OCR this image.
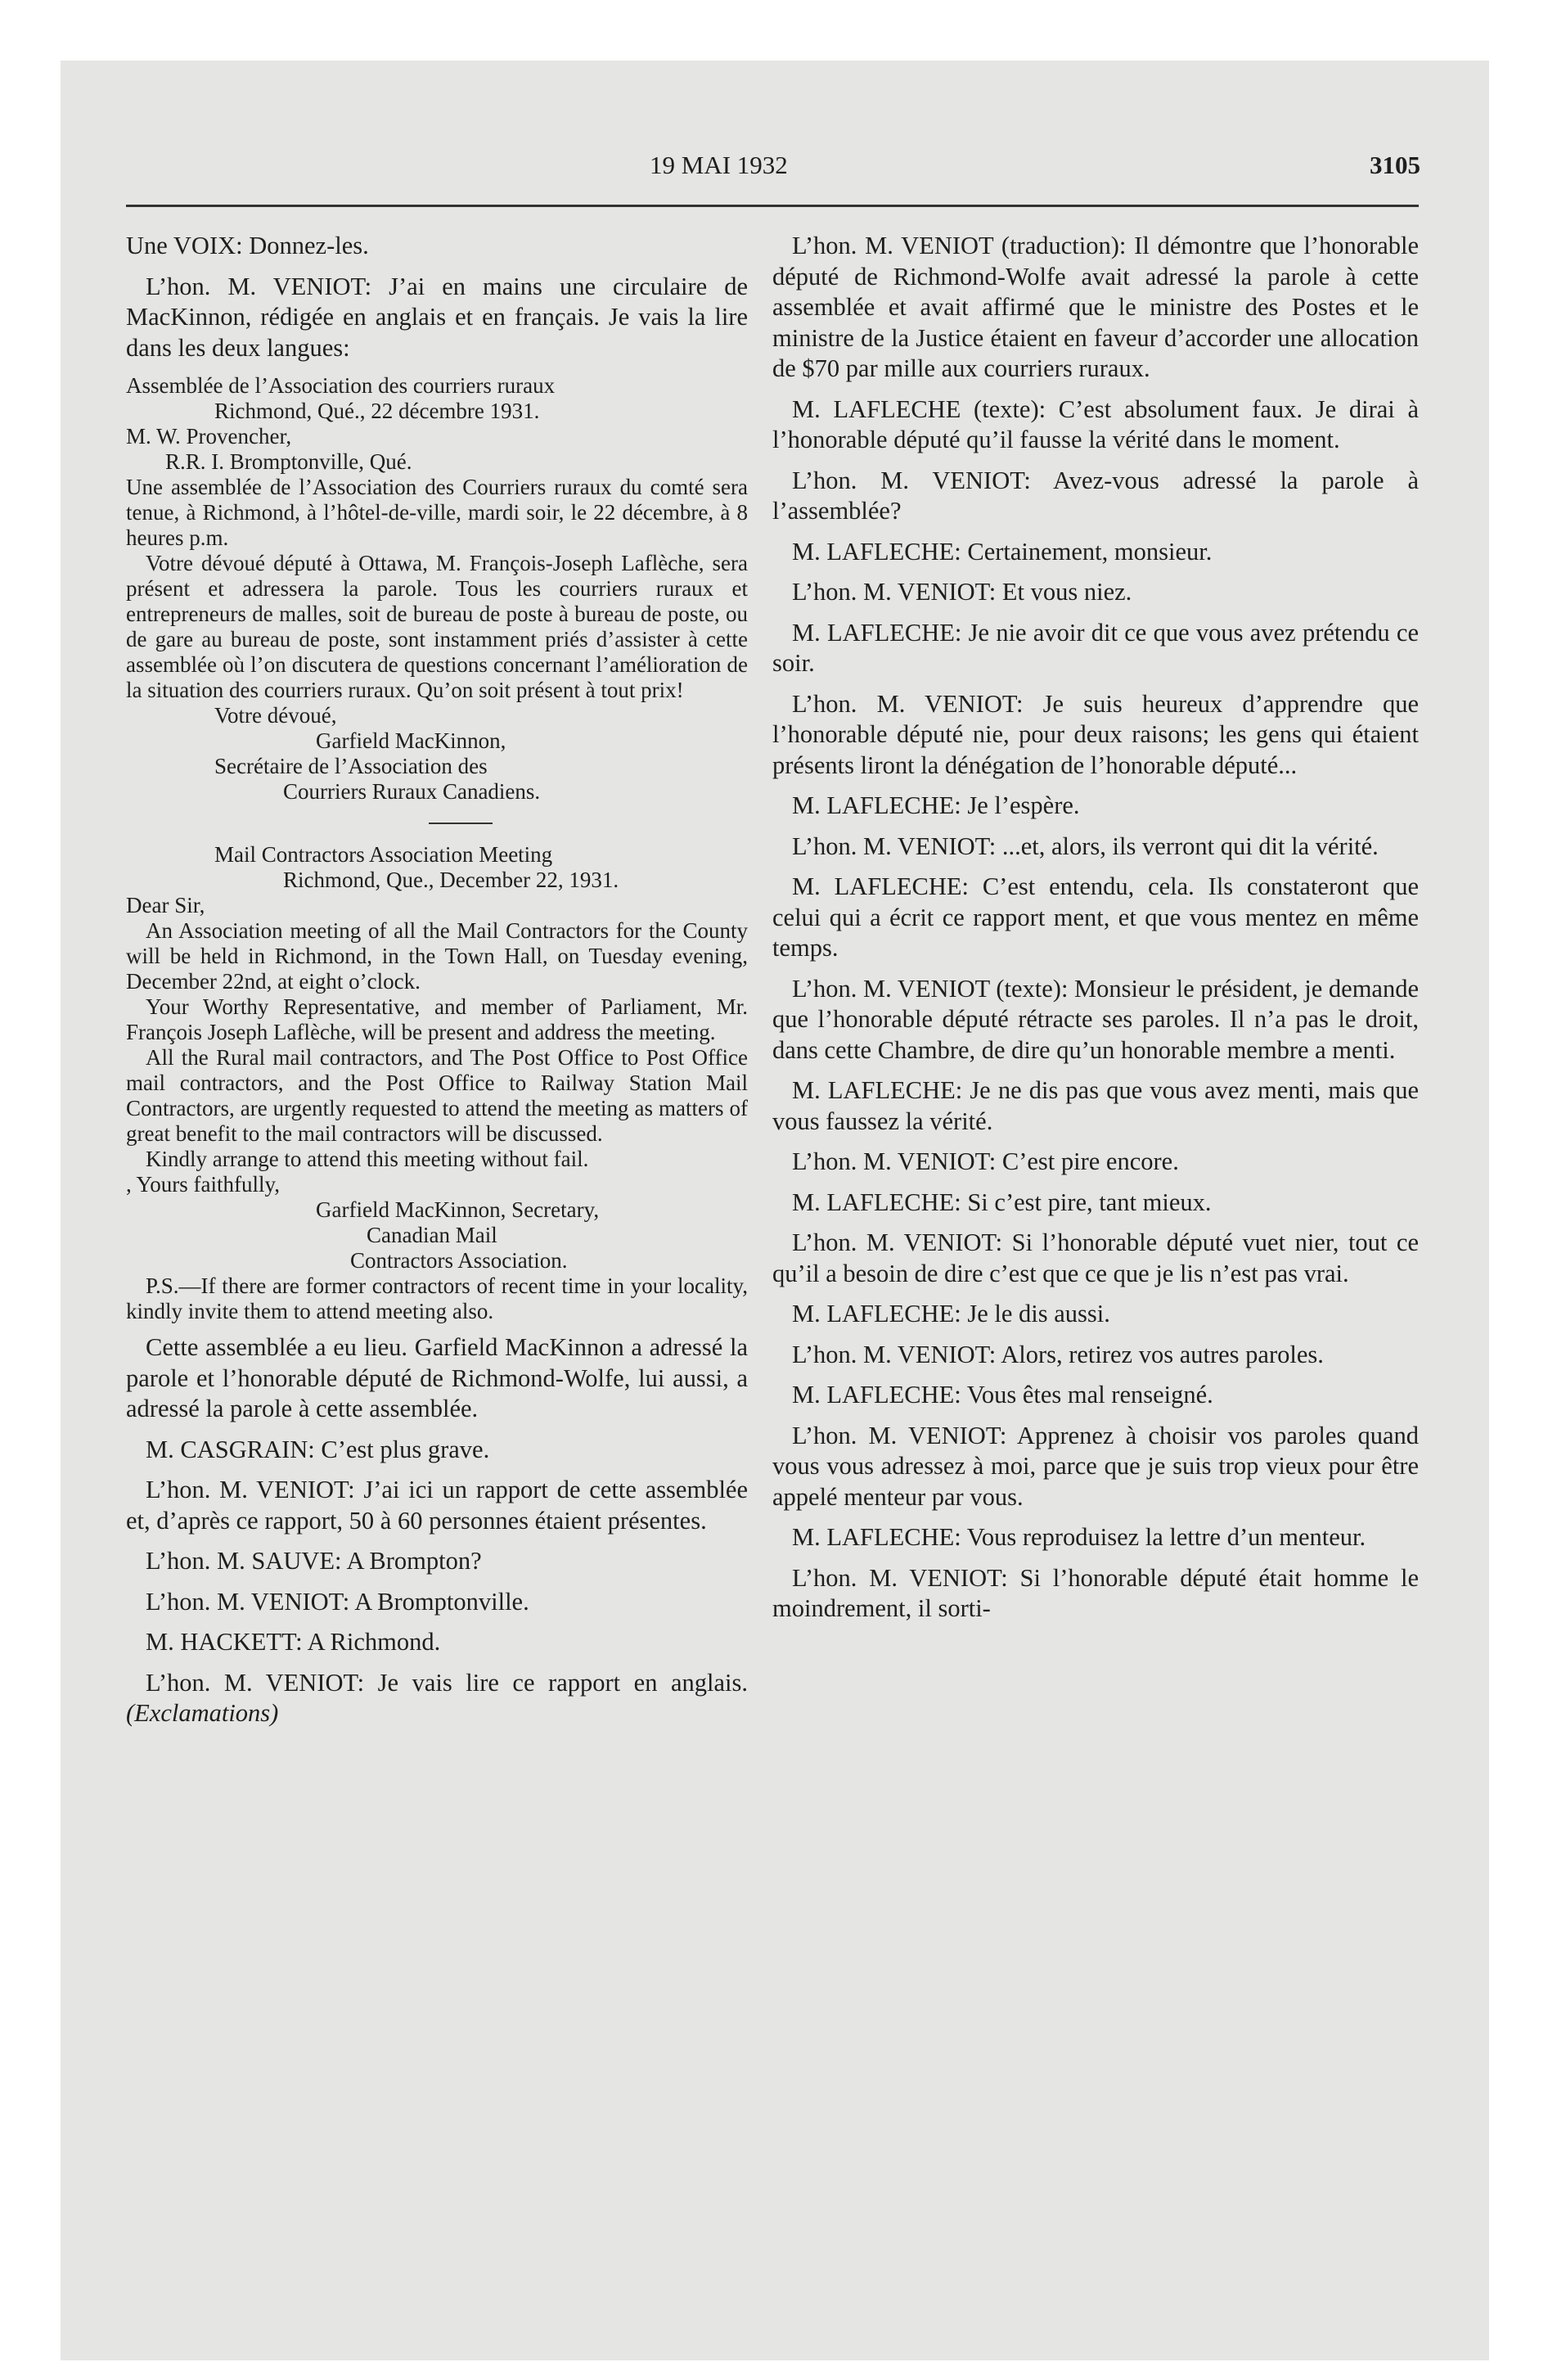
19 MAI 1932	3105

Une VOIX: Donnez-les.

L’hon. M. VENIOT: J’ai en mains une circulaire de MacKinnon, rédigée en anglais et en français. Je vais la lire dans les deux langues:

Assemblée de l’Association des courriers ruraux

Richmond, Qué., 22 décembre 1931.

M. W. Provencher,

R.R. I. Bromptonville, Qué.

Une assemblée de l’Association des Courriers ruraux du comté sera tenue, à Richmond, à l’hôtel-de-ville, mardi soir, le 22 décembre, à 8 heures p.m.

Votre dévoué député à Ottawa, M. François-Joseph Laflèche, sera présent et adressera la parole. Tous les courriers ruraux et entrepreneurs de malles, soit de bureau de poste à bureau de poste, ou de gare au bureau de poste, sont instamment priés d’assister à cette assemblée où l’on discutera de questions concernant l’amélioration de la situation des courriers ruraux. Qu’on soit présent à tout prix!

Votre dévoué,

Garfield MacKinnon,

Secrétaire de l’Association des

Courriers Ruraux Canadiens.

Mail Contractors Association Meeting

Richmond, Que., December 22, 1931.

Dear Sir,

An Association meeting of all the Mail Contractors for the County will be held in Richmond, in the Town Hall, on Tuesday evening, December 22nd, at eight o’clock.

Your Worthy Representative, and member of Parliament, Mr. François Joseph Laflèche, will be present and address the meeting.

All the Rural mail contractors, and The Post Office to Post Office mail contractors, and the Post Office to Railway Station Mail Contractors, are urgently requested to attend the meeting as matters of great benefit to the mail contractors will be discussed.

Kindly arrange to attend this meeting without fail.

, Yours faithfully,

Garfield MacKinnon, Secretary,

Canadian Mail

Contractors Association.

P.S.—If there are former contractors of recent time in your locality, kindly invite them to attend meeting also.

Cette assemblée a eu lieu. Garfield MacKinnon a adressé la parole et l’honorable député de Richmond-Wolfe, lui aussi, a adressé la parole à cette assemblée.

M. CASGRAIN: C’est plus grave.

L’hon. M. VENIOT: J’ai ici un rapport de cette assemblée et, d’après ce rapport, 50 à 60 personnes étaient présentes.

L’hon. M. SAUVE: A Brompton?

L’hon. M. VENIOT: A Bromptonville.

M. HACKETT: A Richmond.

L’hon. M. VENIOT: Je vais lire ce rapport en anglais. (Exclamations)

L’hon. M. VENIOT (traduction): Il démontre que l’honorable député de Richmond-Wolfe avait adressé la parole à cette assemblée et avait affirmé que le ministre des Postes et le ministre de la Justice étaient en faveur d’accorder une allocation de $70 par mille aux courriers ruraux.

M. LAFLECHE (texte): C’est absolument faux. Je dirai à l’honorable député qu’il fausse la vérité dans le moment.

L’hon. M. VENIOT: Avez-vous adressé la parole à l’assemblée?

M. LAFLECHE: Certainement, monsieur.

L’hon. M. VENIOT: Et vous niez.

M. LAFLECHE: Je nie avoir dit ce que vous avez prétendu ce soir.

L’hon. M. VENIOT: Je suis heureux d’apprendre que l’honorable député nie, pour deux raisons; les gens qui étaient présents liront la dénégation de l’honorable député...

M. LAFLECHE: Je l’espère.

L’hon. M. VENIOT: ...et, alors, ils verront qui dit la vérité.

M. LAFLECHE: C’est entendu, cela. Ils constateront que celui qui a écrit ce rapport ment, et que vous mentez en même temps.

L’hon. M. VENIOT (texte): Monsieur le président, je demande que l’honorable député rétracte ses paroles. Il n’a pas le droit, dans cette Chambre, de dire qu’un honorable membre a menti.

M. LAFLECHE: Je ne dis pas que vous avez menti, mais que vous faussez la vérité.

L’hon. M. VENIOT: C’est pire encore.

M. LAFLECHE: Si c’est pire, tant mieux.

L’hon. M. VENIOT: Si l’honorable député vuet nier, tout ce qu’il a besoin de dire c’est que ce que je lis n’est pas vrai.

M. LAFLECHE: Je le dis aussi.

L’hon. M. VENIOT: Alors, retirez vos autres paroles.

M. LAFLECHE: Vous êtes mal renseigné.

L’hon. M. VENIOT: Apprenez à choisir vos paroles quand vous vous adressez à moi, parce que je suis trop vieux pour être appelé menteur par vous.

M. LAFLECHE: Vous reproduisez la lettre d’un menteur.

L’hon. M. VENIOT: Si l’honorable député était homme le moindrement, il sorti-
